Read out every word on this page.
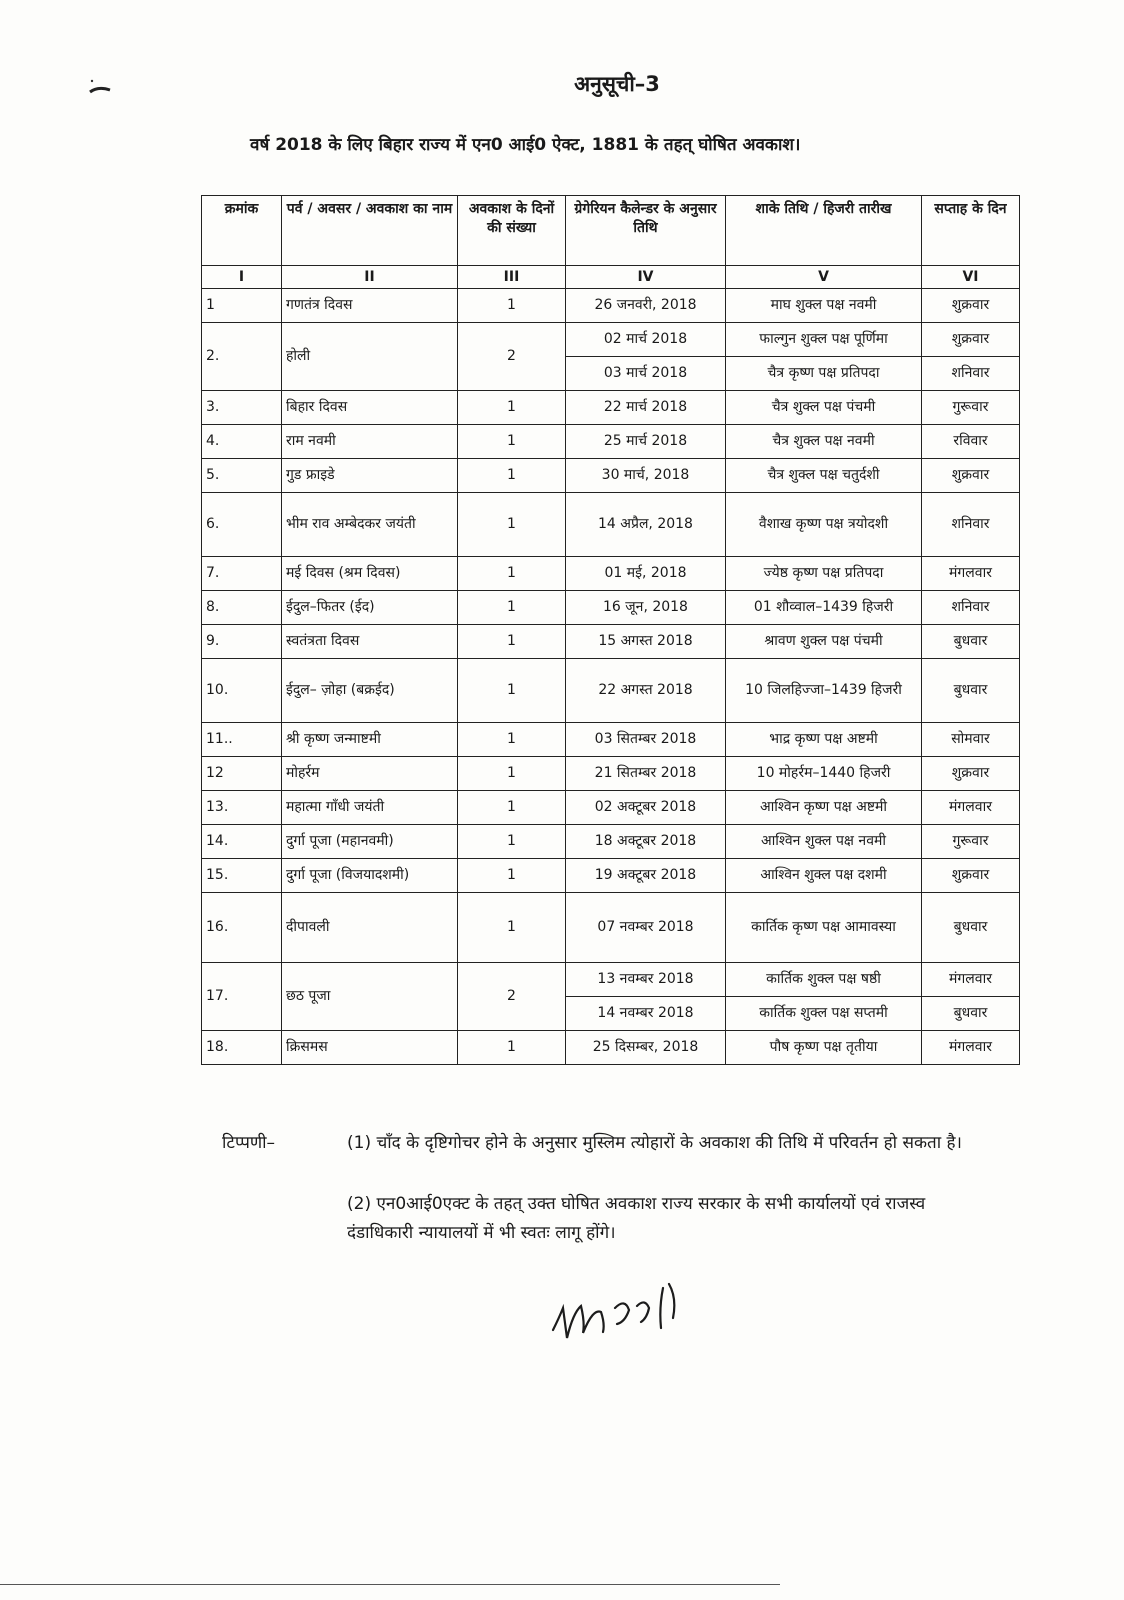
अनुसूची–3
वर्ष 2018 के लिए बिहार राज्य में एन0 आई0 ऐक्ट, 1881 के तहत् घोषित अवकाश।
क्रमांक	पर्व / अवसर / अवकाश का नाम	अवकाश के दिनों की संख्या	ग्रेगेरियन कैलेन्डर के अनुसार तिथि	शाके तिथि / हिजरी तारीख	सप्ताह के दिन
I	II	III	IV	V	VI
1	गणतंत्र दिवस	1	26 जनवरी, 2018	माघ शुक्ल पक्ष नवमी	शुक्रवार
2.	होली	2	02 मार्च 2018	फाल्गुन शुक्ल पक्ष पूर्णिमा	शुक्रवार
			03 मार्च 2018	चैत्र कृष्ण पक्ष प्रतिपदा	शनिवार
3.	बिहार दिवस	1	22 मार्च 2018	चैत्र शुक्ल पक्ष पंचमी	गुरूवार
4.	राम नवमी	1	25 मार्च 2018	चैत्र शुक्ल पक्ष नवमी	रविवार
5.	गुड फ्राइडे	1	30 मार्च, 2018	चैत्र शुक्ल पक्ष चतुर्दशी	शुक्रवार
6.	भीम राव अम्बेदकर जयंती	1	14 अप्रैल, 2018	वैशाख कृष्ण पक्ष त्रयोदशी	शनिवार
7.	मई दिवस (श्रम दिवस)	1	01 मई, 2018	ज्येष्ठ कृष्ण पक्ष प्रतिपदा	मंगलवार
8.	ईदुल–फितर (ईद)	1	16 जून, 2018	01 शौव्वाल–1439 हिजरी	शनिवार
9.	स्वतंत्रता दिवस	1	15 अगस्त 2018	श्रावण शुक्ल पक्ष पंचमी	बुधवार
10.	ईदुल– ज़ोहा (बक्रईद)	1	22 अगस्त 2018	10 जिलहिज्जा–1439 हिजरी	बुधवार
11..	श्री कृष्ण जन्माष्टमी	1	03 सितम्बर 2018	भाद्र कृष्ण पक्ष अष्टमी	सोमवार
12	मोहर्रम	1	21 सितम्बर 2018	10 मोहर्रम–1440 हिजरी	शुक्रवार
13.	महात्मा गाँधी जयंती	1	02 अक्टूबर 2018	आश्विन कृष्ण पक्ष अष्टमी	मंगलवार
14.	दुर्गा पूजा (महानवमी)	1	18 अक्टूबर 2018	आश्विन शुक्ल पक्ष नवमी	गुरूवार
15.	दुर्गा पूजा (विजयादशमी)	1	19 अक्टूबर 2018	आश्विन शुक्ल पक्ष दशमी	शुक्रवार
16.	दीपावली	1	07 नवम्बर 2018	कार्तिक कृष्ण पक्ष आमावस्या	बुधवार
17.	छठ पूजा	2	13 नवम्बर 2018	कार्तिक शुक्ल पक्ष षष्ठी	मंगलवार
			14 नवम्बर 2018	कार्तिक शुक्ल पक्ष सप्तमी	बुधवार
18.	क्रिसमस	1	25 दिसम्बर, 2018	पौष कृष्ण पक्ष तृतीया	मंगलवार
टिप्पणी–	(1) चाँद के दृष्टिगोचर होने के अनुसार मुस्लिम त्योहारों के अवकाश की तिथि में परिवर्तन हो सकता है।
(2) एन0आई0एक्ट के तहत् उक्त घोषित अवकाश राज्य सरकार के सभी कार्यालयों एवं राजस्व दंडाधिकारी न्यायालयों में भी स्वतः लागू होंगे।
